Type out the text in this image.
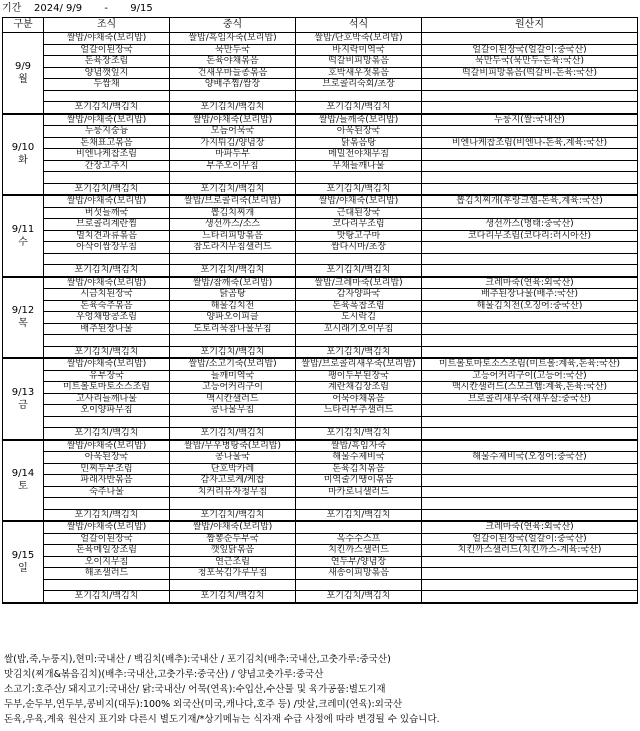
기간 2024/ 9/9 - 9/15
구분	조식	중식	석식	원산지

9/9
월	쌀밥/야채죽(보리밥)	쌀밥/흑임자죽(보리밥)	쌀밥/단호박죽(보리밥)	
	얼갈이된장국	묵만두국	바지락미역국	얼갈이된장국(얼갈이:중국산)
	돈육장조림	돈육야채볶음	떡갈비피망볶음	묵만두국(묵만두-돈육:국산)
	양념깻잎지	건새우마늘종볶음	호박새우젓볶음	떡갈비피망볶음(떡갈비-돈육:국산)
	두쌈채	양배추찜/쌈장	브로콜리숙회/초장	

	포기김치/백김치	포기김치/백김치	포기김치/백김치	

9/10
화	쌀밥/야채죽(보리밥)	쌀밥/야채죽(보리밥)	쌀밥/들깨죽(보리밥)	누룽지(쌀:국내산)
	누룽지숭늉	모듬어묵국	아욱된장국	
	돈채표고볶음	가지튀김/양념장	닭볶음탕	비엔나케찹조림(비엔나-돈육,계육:국산)
	비엔나케찹조림	마파두부	메밀전야채무침	
	간장고추지	부추오이무침	무채들깨나물	

	포기김치/백김치	포기김치/백김치	포기김치/백김치	

9/11
수	쌀밥/야채죽(보리밥)	쌀밥/브로콜리죽(보리밥)	쌀밥/야채죽(보리밥)	뽑김치찌개(후랑크햄-돈육,계육:국산)
	버섯들깨국	뽑김치찌개	근대된장국	
	브로콜리계란찜	생선까스/소스	코다리무조림	생선까스(명태:중국산)
	멸치견과류볶음	느타리피망볶음	맛탕고구마	코다리무조림(코다리:러시아산)
	아삭이쌈장무침	참도라지무침샐러드	쌈다시마/초장	

	포기김치/백김치	포기김치/백김치	포기김치/백김치	

9/12
목	쌀밥/야채죽(보리밥)	쌀밥/참깨죽(보리밥)	쌀밥/크레마죽(보리밥)	크레마죽(연육:외국산)
	시금치된장국	닭곰탕	감자양파국	배추된장나물(배추:국산)
	돈육숙주볶음	해물김치전	돈육폭찹조림	해물김치전(오징어:중국산)
	우엉채땅콩조림	양파오이피클	도시락김	
	배추된장나물	도토리묵참나물무침	꼬시래기오이무침	

	포기김치/백김치	포기김치/백김치	포기김치/백김치	

9/13
금	쌀밥/야채죽(보리밥)	쌀밥/소고기죽(보리밥)	쌀밥/브로콜리새우죽(보리밥)	미트볼토마토소스조림(미트볼:계육,돈육:국산)
	유부장국	들깨미역국	팽이두부된장국	고등어커리구이(고등어:국산)
	미트볼토마토소스조림	고등어커리구이	계란채김장조림	맥시칸샐러드(스모크햄:계육,돈육:국산)
	고사리들깨나물	맥시칸샐러드	어묵야채볶음	브로콜리새우죽(새우살:중국산)
	오이양파무침	콩나물무침	느타리부추샐러드	

	포기김치/백김치	포기김치/백김치	포기김치/백김치	

9/14
토	쌀밥/야채죽(보리밥)	쌀밥/무우병탕죽(보리밥)	쌀밥/흑임자죽	
	아욱된장국	콩나물국	해물수제비국	해물수제비국(오징어:중국산)
	민찌두부조림	단호박카레	돈육김치볶음	
	파래자반볶음	감자고로케/케찹	미역줄기땡이볶음	
	숙주나물	치커리유자청무침	마카로니샐러드	

	포기김치/백김치	포기김치/백김치	포기김치/백김치	

9/15
일	쌀밥/야채죽(보리밥)	쌀밥/야채죽(보리밥)		크레마죽(연육:외국산)
	얼갈이된장국	짬뽕순두부국	옥수수스프	얼갈이된장국(얼갈이:중국산)
	돈육메일장조림	깻잎닭볶음	치킨까스샐러드	치킨까스샐러드(치킨까스-계육:국산)
	오이지무침	연근조림	연두부/양념장	
	해초샐러드	청포묵김가루무침	새송이피망볶음	

	포기김치/백김치	포기김치/백김치	포기김치/백김치	
쌀(밥,죽,누룽지),현미:국내산 / 백김치(배추):국내산 / 포기김치(배추:국내산,고춧가루:중국산)
맛김치(찌개&볶음김치)(배추:국내산,고춧가루:중국산) / 양념고춧가루:중국산
소고기:호주산/ 돼지고기:국내산/ 닭:국내산/ 어묵(연육):수입산,수산물 및 육가공품:별도기재
두부,순두부,연두부,콩비지(대두):100% 외국산(미국,캐나다,호주 등) /맛살,크레미(연육):외국산
돈육,우육,계육 원산지 표기와 다른시 별도기재/*상기메뉴는 식자재 수급 사정에 따라 변경될 수 있습니다.
